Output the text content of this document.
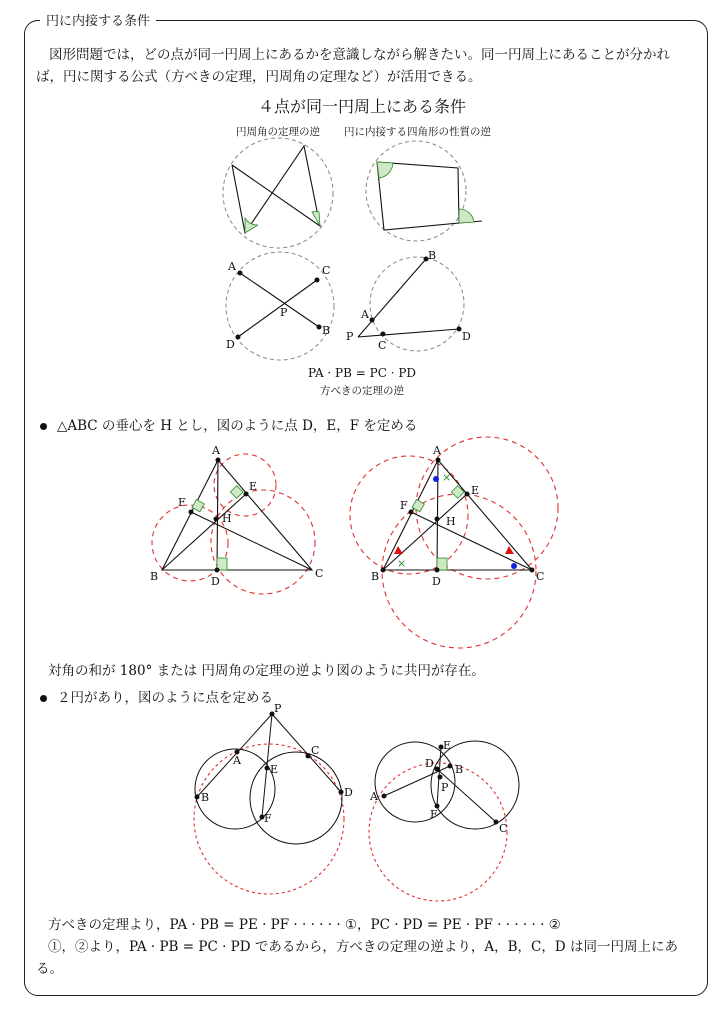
円に内接する条件
図形問題では，どの点が同一円周上にあるかを意識しながら解きたい。同一円周上にあることが分かれば，円に関する公式（方べきの定理，円周角の定理など）が活用できる。
４点が同一円周上にある条件
円周角の定理の逆 円に内接する四角形の性質の逆
A
B
C
D
P
B
A
P
C
D
A
B	C
D
E
F
H
×
×
A
B	C
D
E
F
H
P
A
B
C
D
E
F
A
B
C
D
E
F
P
PA · PB = PC · PD
方べきの定理の逆
△ABC の垂心を H とし，図のように点 D，E，F を定める
対角の和が 180° または 円周角の定理の逆より図のように共円が存在。
２円があり，図のように点を定める
方べきの定理より，PA · PB = PE · PF · · · · · · ①，PC · PD = PE · PF · · · · · · ②
①，②より，PA · PB = PC · PD であるから，方べきの定理の逆より，A，B，C，D は同一円周上にある。
